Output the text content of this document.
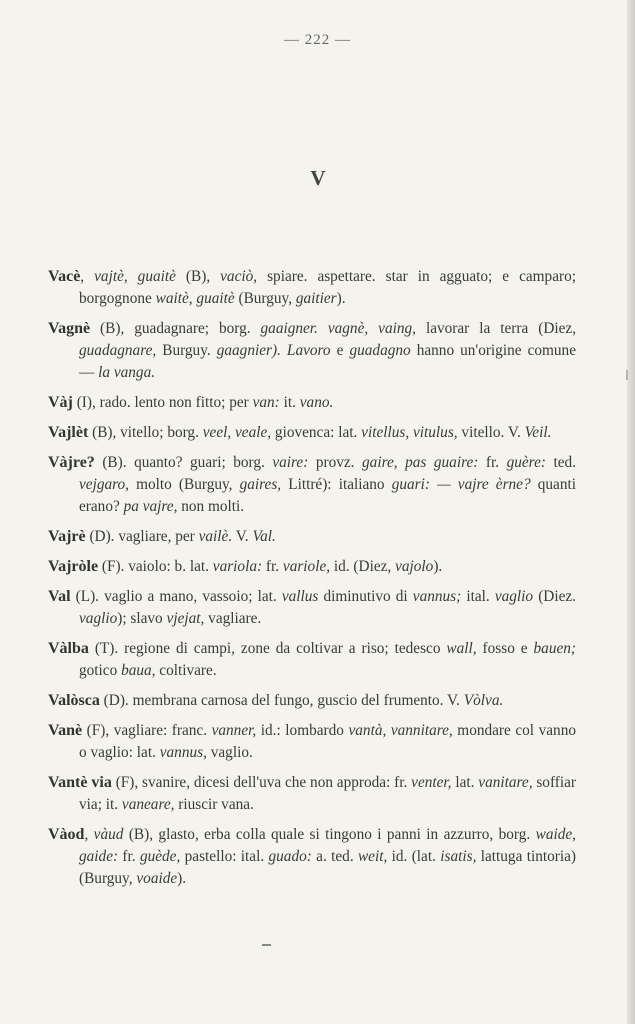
— 222 —
V

Vacè, vajtè, guaitè (B), vaciò, spiare. aspettare. star in agguato; e camparo; borgognone waitè, guaitè (Burguy, gaitier).

Vagnè (B), guadagnare; borg. gaaigner. vagnè, vaing, lavorar la terra (Diez, guadagnare, Burguy. gaagnier). Lavoro e guadagno hanno un'origine comune — la vanga.

Vàj (I), rado. lento non fitto; per van: it. vano.

Vajlèt (B), vitello; borg. veel, veale, giovenca: lat. vitellus, vitulus, vitello. V. Veil.

Vàjre? (B). quanto? guari; borg. vaire: provz. gaire, pas guaire: fr. guère: ted. vejgaro, molto (Burguy, gaires, Littré): italiano guari: — vajre èrne? quanti erano? pa vajre, non molti.

Vajrè (D). vagliare, per vailè. V. Val.

Vajròle (F). vaiolo: b. lat. variola: fr. variole, id. (Diez, vajolo).

Val (L). vaglio a mano, vassoio; lat. vallus diminutivo di vannus; ital. vaglio (Diez. vaglio); slavo vjejat, vagliare.

Vàlba (T). regione di campi, zone da coltivar a riso; tedesco wall, fosso e bauen; gotico baua, coltivare.

Valòsca (D). membrana carnosa del fungo, guscio del frumento. V. Vòlva.

Vanè (F), vagliare: franc. vanner, id.: lombardo vantà, vannitare, mondare col vanno o vaglio: lat. vannus, vaglio.

Vantè via (F), svanire, dicesi dell'uva che non approda: fr. venter, lat. vanitare, soffiar via; it. vaneare, riuscir vana.

Vàod, vàud (B), glasto, erba colla quale si tingono i panni in azzurro, borg. waide, gaide: fr. guède, pastello: ital. guado: a. ted. weit, id. (lat. isatis, lattuga tintoria) (Burguy, voaide).
